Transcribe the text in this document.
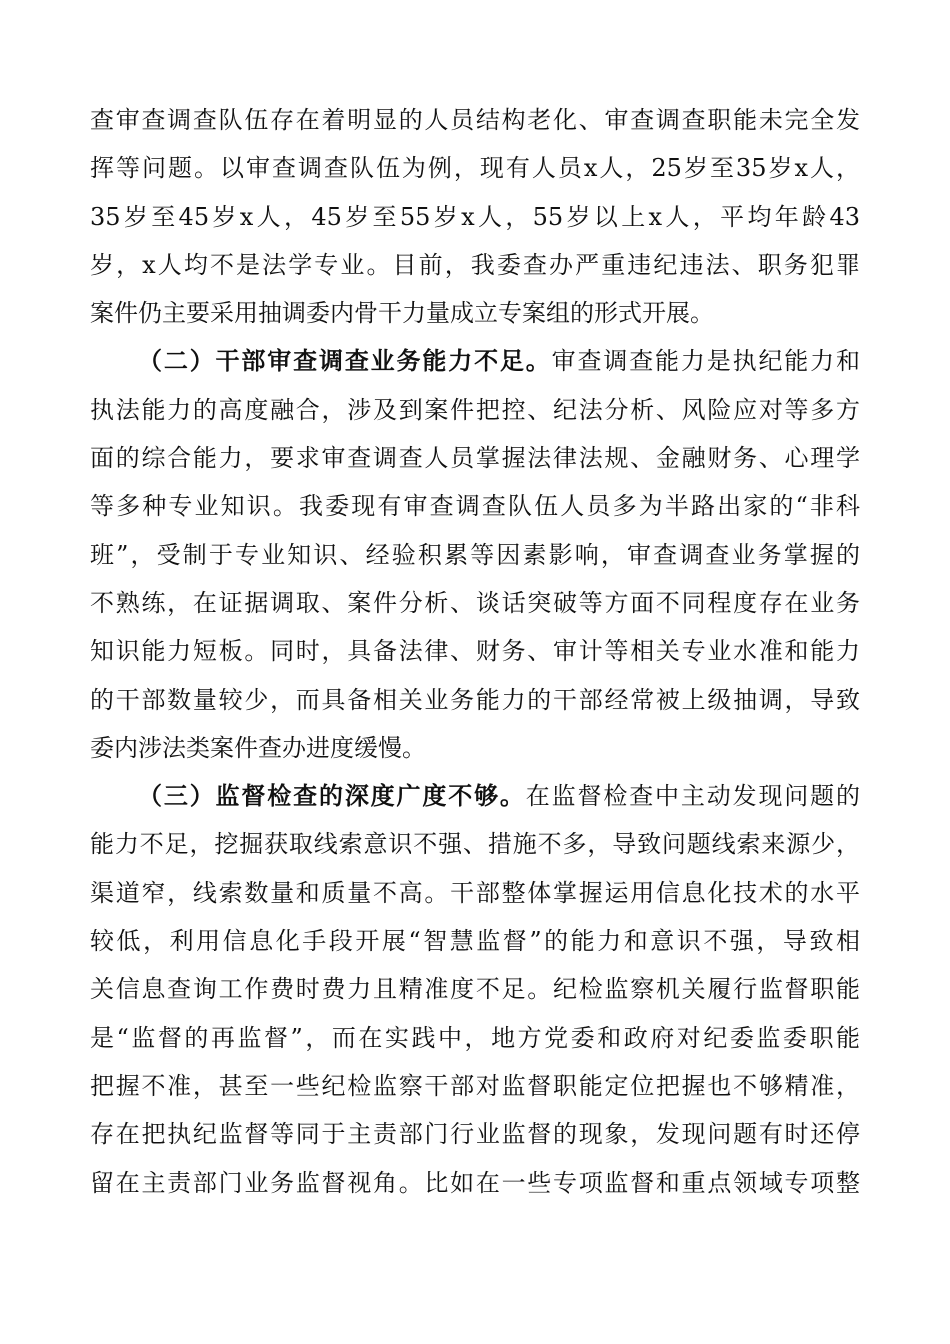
查审查调查队伍存在着明显的人员结构老化、审查调查职能未完全发
挥等问题。以审查调查队伍为例，现有人员x人，25岁至35岁x人，
35岁至45岁x人，45岁至55岁x人，55岁以上x人，平均年龄43
岁，x人均不是法学专业。目前，我委查办严重违纪违法、职务犯罪
案件仍主要采用抽调委内骨干力量成立专案组的形式开展。
（二）干部审查调查业务能力不足。审查调查能力是执纪能力和
执法能力的高度融合，涉及到案件把控、纪法分析、风险应对等多方
面的综合能力，要求审查调查人员掌握法律法规、金融财务、心理学
等多种专业知识。我委现有审查调查队伍人员多为半路出家的“非科
班”，受制于专业知识、经验积累等因素影响，审查调查业务掌握的
不熟练，在证据调取、案件分析、谈话突破等方面不同程度存在业务
知识能力短板。同时，具备法律、财务、审计等相关专业水准和能力
的干部数量较少，而具备相关业务能力的干部经常被上级抽调，导致
委内涉法类案件查办进度缓慢。
（三）监督检查的深度广度不够。在监督检查中主动发现问题的
能力不足，挖掘获取线索意识不强、措施不多，导致问题线索来源少，
渠道窄，线索数量和质量不高。干部整体掌握运用信息化技术的水平
较低，利用信息化手段开展“智慧监督”的能力和意识不强，导致相
关信息查询工作费时费力且精准度不足。纪检监察机关履行监督职能
是“监督的再监督”，而在实践中，地方党委和政府对纪委监委职能
把握不准，甚至一些纪检监察干部对监督职能定位把握也不够精准，
存在把执纪监督等同于主责部门行业监督的现象，发现问题有时还停
留在主责部门业务监督视角。比如在一些专项监督和重点领域专项整
